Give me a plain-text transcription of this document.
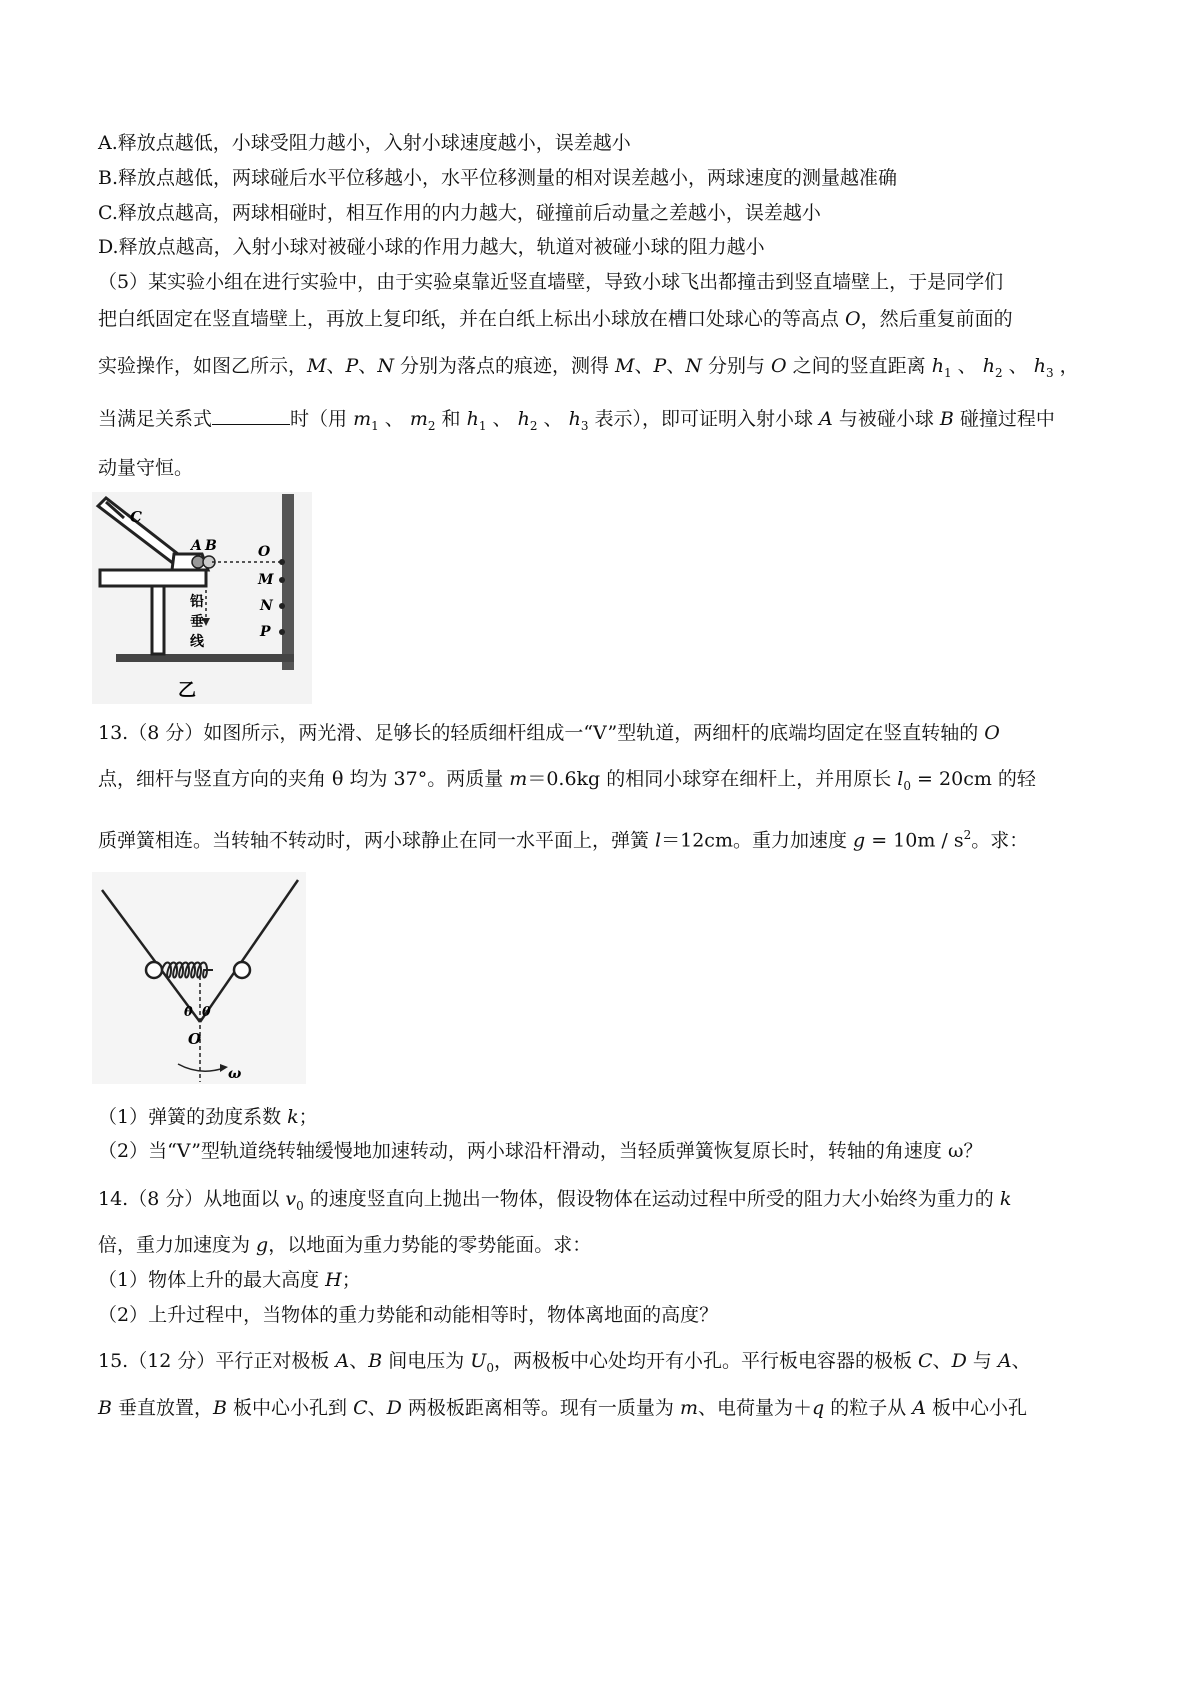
A.释放点越低，小球受阻力越小，入射小球速度越小，误差越小
B.释放点越低，两球碰后水平位移越小，水平位移测量的相对误差越小，两球速度的测量越准确
C.释放点越高，两球相碰时，相互作用的内力越大，碰撞前后动量之差越小，误差越小
D.释放点越高，入射小球对被碰小球的作用力越大，轨道对被碰小球的阻力越小
（5）某实验小组在进行实验中，由于实验桌靠近竖直墙壁，导致小球飞出都撞击到竖直墙壁上，于是同学们
把白纸固定在竖直墙壁上，再放上复印纸，并在白纸上标出小球放在槽口处球心的等高点 O，然后重复前面的
实验操作，如图乙所示，M、P、N 分别为落点的痕迹，测得 M、P、N 分别与 O 之间的竖直距离 $h_1$ 、 $h_2$ 、 $h_3$ ，
当满足关系式	时（用 $m_1$ 、 $m_2$ 和 $h_1$ 、 $h_2$ 、 $h_3$ 表示），即可证明入射小球 A 与被碰小球 B 碰撞过程中
动量守恒。
C
A B	O
M
N
P
铅
垂
线
乙
13.（8 分）如图所示，两光滑、足够长的轻质细杆组成一“V”型轨道，两细杆的底端均固定在竖直转轴的 O
点，细杆与竖直方向的夹角 θ 均为 37°。两质量 m＝0.6kg 的相同小球穿在细杆上，并用原长 $l_0 = 20cm$ 的轻
质弹簧相连。当转轴不转动时，两小球静止在同一水平面上，弹簧 l＝12cm。重力加速度 $g = 10m / s^2$。求：
θ θ
O
ω
（1）弹簧的劲度系数 k；
（2）当“V”型轨道绕转轴缓慢地加速转动，两小球沿杆滑动，当轻质弹簧恢复原长时，转轴的角速度 ω？
14.（8 分）从地面以 $v_0$ 的速度竖直向上抛出一物体，假设物体在运动过程中所受的阻力大小始终为重力的 k
倍，重力加速度为 g，以地面为重力势能的零势能面。求：
（1）物体上升的最大高度 H；
（2）上升过程中，当物体的重力势能和动能相等时，物体离地面的高度？
15.（12 分）平行正对极板 A、B 间电压为 $U_0$，两极板中心处均开有小孔。平行板电容器的极板 C、D 与 A、
B 垂直放置，B 板中心小孔到 C、D 两极板距离相等。现有一质量为 m、电荷量为＋q 的粒子从 A 板中心小孔
